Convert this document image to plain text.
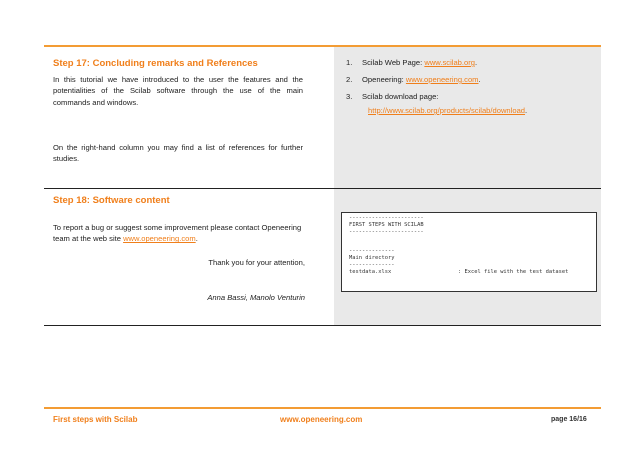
Step 17: Concluding remarks and References
In this tutorial we have introduced to the user the features and the potentialities of the Scilab software through the use of the main commands and windows.
On the right-hand column you may find a list of references for further studies.
1.	Scilab Web Page: www.scilab.org.
2.	Openeering: www.openeering.com.
3.	Scilab download page:
http://www.scilab.org/products/scilab/download.
Step 18: Software content
To report a bug or suggest some improvement please contact Openeering team at the web site www.openeering.com.
Thank you for your attention,
Anna Bassi, Manolo Venturin
-----------------------
FIRST STEPS WITH SCILAB
-----------------------
--------------
Main directory
--------------
testdata.xlsx	: Excel file with the test dataset
First steps with Scilab	www.openeering.com	page 16/16
